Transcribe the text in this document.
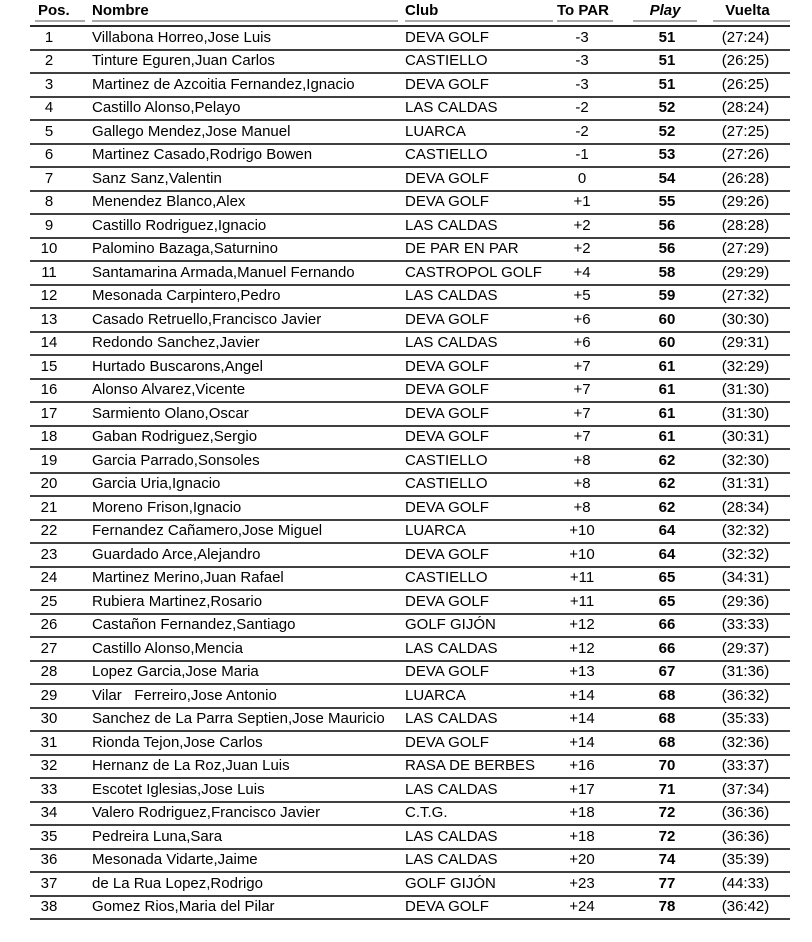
Pos.	Nombre	Club	To PAR	Play	Vuelta
1	Villabona Horreo,Jose Luis	DEVA GOLF	-3	51	(27:24)
2	Tinture Eguren,Juan Carlos	CASTIELLO	-3	51	(26:25)
3	Martinez de Azcoitia Fernandez,Ignacio	DEVA GOLF	-3	51	(26:25)
4	Castillo Alonso,Pelayo	LAS CALDAS	-2	52	(28:24)
5	Gallego Mendez,Jose Manuel	LUARCA	-2	52	(27:25)
6	Martinez Casado,Rodrigo Bowen	CASTIELLO	-1	53	(27:26)
7	Sanz Sanz,Valentin	DEVA GOLF	0	54	(26:28)
8	Menendez Blanco,Alex	DEVA GOLF	+1	55	(29:26)
9	Castillo Rodriguez,Ignacio	LAS CALDAS	+2	56	(28:28)
10	Palomino Bazaga,Saturnino	DE PAR EN PAR	+2	56	(27:29)
11	Santamarina Armada,Manuel Fernando	CASTROPOL GOLF	+4	58	(29:29)
12	Mesonada Carpintero,Pedro	LAS CALDAS	+5	59	(27:32)
13	Casado Retruello,Francisco Javier	DEVA GOLF	+6	60	(30:30)
14	Redondo Sanchez,Javier	LAS CALDAS	+6	60	(29:31)
15	Hurtado Buscarons,Angel	DEVA GOLF	+7	61	(32:29)
16	Alonso Alvarez,Vicente	DEVA GOLF	+7	61	(31:30)
17	Sarmiento Olano,Oscar	DEVA GOLF	+7	61	(31:30)
18	Gaban Rodriguez,Sergio	DEVA GOLF	+7	61	(30:31)
19	Garcia Parrado,Sonsoles	CASTIELLO	+8	62	(32:30)
20	Garcia Uria,Ignacio	CASTIELLO	+8	62	(31:31)
21	Moreno Frison,Ignacio	DEVA GOLF	+8	62	(28:34)
22	Fernandez Cañamero,Jose Miguel	LUARCA	+10	64	(32:32)
23	Guardado Arce,Alejandro	DEVA GOLF	+10	64	(32:32)
24	Martinez Merino,Juan Rafael	CASTIELLO	+11	65	(34:31)
25	Rubiera Martinez,Rosario	DEVA GOLF	+11	65	(29:36)
26	Castañon Fernandez,Santiago	GOLF GIJÓN	+12	66	(33:33)
27	Castillo Alonso,Mencia	LAS CALDAS	+12	66	(29:37)
28	Lopez Garcia,Jose Maria	DEVA GOLF	+13	67	(31:36)
29	Vilar   Ferreiro,Jose Antonio	LUARCA	+14	68	(36:32)
30	Sanchez de La Parra Septien,Jose Mauricio	LAS CALDAS	+14	68	(35:33)
31	Rionda Tejon,Jose Carlos	DEVA GOLF	+14	68	(32:36)
32	Hernanz de La Roz,Juan Luis	RASA DE BERBES	+16	70	(33:37)
33	Escotet Iglesias,Jose Luis	LAS CALDAS	+17	71	(37:34)
34	Valero Rodriguez,Francisco Javier	C.T.G.	+18	72	(36:36)
35	Pedreira Luna,Sara	LAS CALDAS	+18	72	(36:36)
36	Mesonada Vidarte,Jaime	LAS CALDAS	+20	74	(35:39)
37	de La Rua Lopez,Rodrigo	GOLF GIJÓN	+23	77	(44:33)
38	Gomez Rios,Maria del Pilar	DEVA GOLF	+24	78	(36:42)
